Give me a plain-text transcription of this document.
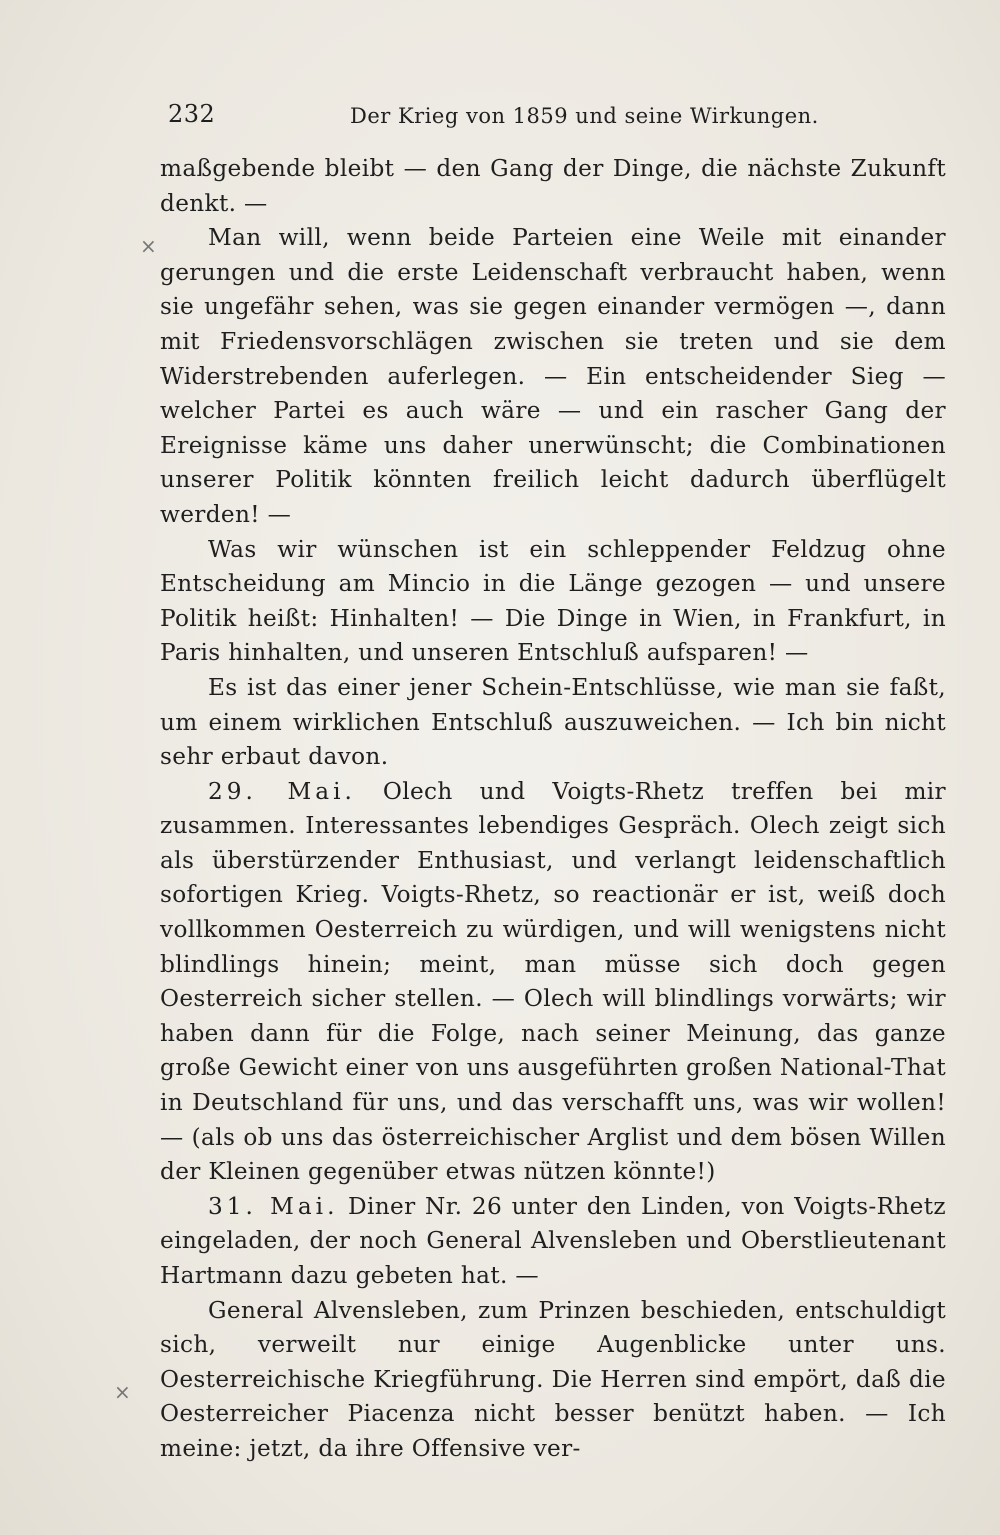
232	Der Krieg von 1859 und seine Wirkungen.
×
×

maßgebende bleibt — den Gang der Dinge, die nächste Zukunft denkt. —

Man will, wenn beide Parteien eine Weile mit einander gerungen und die erste Leidenschaft verbraucht haben, wenn sie ungefähr sehen, was sie gegen einander vermögen —, dann mit Friedensvorschlägen zwischen sie treten und sie dem Widerstrebenden auferlegen. — Ein entscheidender Sieg — welcher Partei es auch wäre — und ein rascher Gang der Ereignisse käme uns daher unerwünscht; die Combinationen unserer Politik könnten freilich leicht dadurch überflügelt werden! —

Was wir wünschen ist ein schleppender Feldzug ohne Entscheidung am Mincio in die Länge gezogen — und unsere Politik heißt: Hinhalten! — Die Dinge in Wien, in Frankfurt, in Paris hinhalten, und unseren Entschluß aufsparen! —

Es ist das einer jener Schein-Entschlüsse, wie man sie faßt, um einem wirklichen Entschluß auszuweichen. — Ich bin nicht sehr erbaut davon.

29. Mai. Olech und Voigts-Rhetz treffen bei mir zusammen. Interessantes lebendiges Gespräch. Olech zeigt sich als überstürzender Enthusiast, und verlangt leidenschaftlich sofortigen Krieg. Voigts-Rhetz, so reactionär er ist, weiß doch vollkommen Oesterreich zu würdigen, und will wenigstens nicht blindlings hinein; meint, man müsse sich doch gegen Oesterreich sicher stellen. — Olech will blindlings vorwärts; wir haben dann für die Folge, nach seiner Meinung, das ganze große Gewicht einer von uns ausgeführten großen National-That in Deutschland für uns, und das verschafft uns, was wir wollen! — (als ob uns das österreichischer Arglist und dem bösen Willen der Kleinen gegenüber etwas nützen könnte!)

31. Mai. Diner Nr. 26 unter den Linden, von Voigts-Rhetz eingeladen, der noch General Alvensleben und Oberstlieutenant Hartmann dazu gebeten hat. —

General Alvensleben, zum Prinzen beschieden, entschuldigt sich, verweilt nur einige Augenblicke unter uns. Oesterreichische Kriegführung. Die Herren sind empört, daß die Oesterreicher Piacenza nicht besser benützt haben. — Ich meine: jetzt, da ihre Offensive ver-
